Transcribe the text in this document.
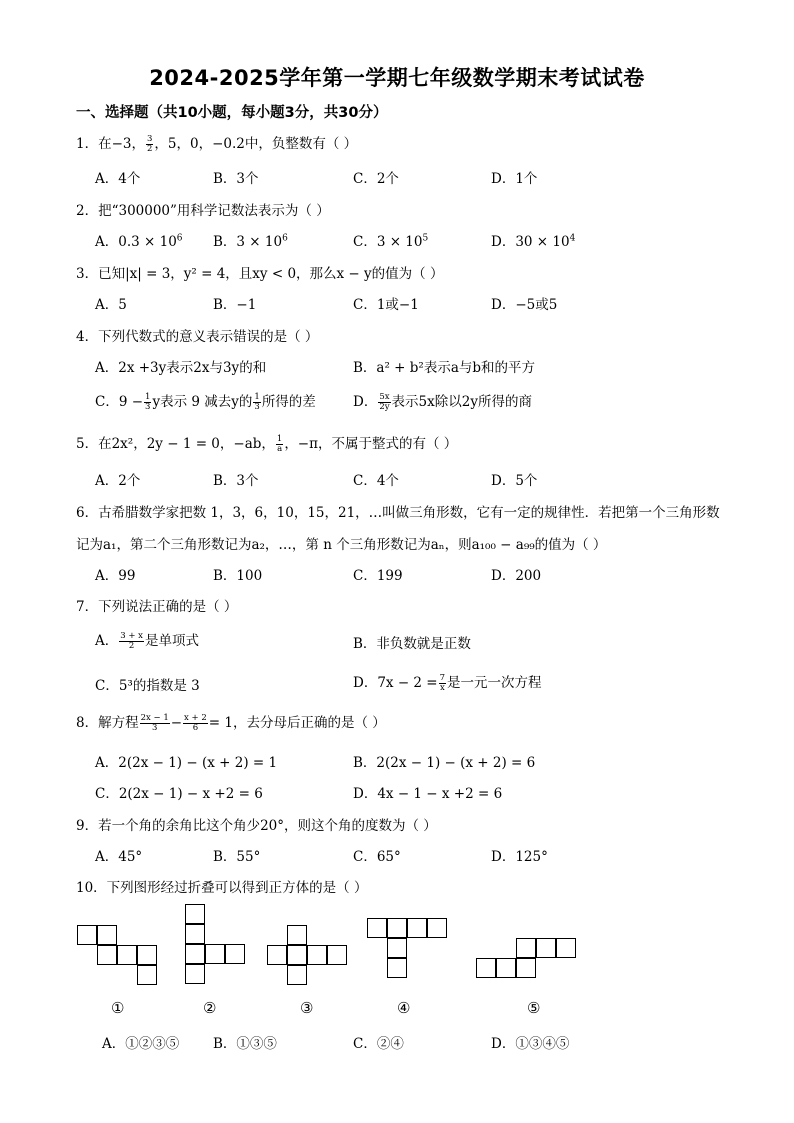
2024-2025学年第一学期七年级数学期末考试试卷
一、选择题（共10小题，每小题3分，共30分）
1．在−3， $\frac{3}{2}$ ，5，0，−0.2中，负整数有（ ）
A．4个	B．3个	C．2个	D．1个
2．把“300000”用科学记数法表示为（ ）
A．$0.3 \times 10^6$ B．$3 \times 10^6$	C．$3 \times 10^5$	D．$30 \times 10^4$
3．已知|x| = 3，y² = 4，且xy < 0，那么x − y的值为（ ）
A．5	B．−1	C．1或−1	D．−5或5
4．下列代数式的意义表示错误的是（ ）
A．2x +3y表示2x与3y的和	B．a² + b²表示a与b和的平方
C．$9 - \frac{1}{3}$ y表示 9 减去y的 $\frac{1}{3}$ 所得的差	D． $\frac{5x}{2y}$ 表示5x除以2y所得的商
5．在2x²，2y − 1 = 0，−ab， $\frac{1}{a}$ ，−π，不属于整式的有（ ）
A．2个	B．3个	C．4个	D．5个
6．古希腊数学家把数 1，3，6，10，15，21，…叫做三角形数，它有一定的规律性．若把第一个三角形数
记为a₁，第二个三角形数记为a₂，…，第 n 个三角形数记为aₙ，则a₁₀₀ − a₉₉的值为（ ）
A．99	B．100	C．199	D．200
7．下列说法正确的是（ ）
A． $\frac{3 + x}{2}$ 是单项式	B．非负数就是正数
C．5³的指数是 3	D．$7x - 2 = \frac{7}{x}$ 是一元一次方程
8．解方程 $\frac{2x - 1}{3} - \frac{x + 2}{6} = 1$，去分母后正确的是（ ）
A．2(2x − 1) − (x + 2) = 1	B．2(2x − 1) − (x + 2) = 6
C．2(2x − 1) − x +2 = 6	D．4x − 1 − x +2 = 6
9．若一个角的余角比这个角少20°，则这个角的度数为（ ）
A．45°	B．55°	C．65°	D．125°
10．下列图形经过折叠可以得到正方体的是（ ）
①	②	③	④	⑤
A．①②③⑤	B．①③⑤	C．②④	D．①③④⑤
